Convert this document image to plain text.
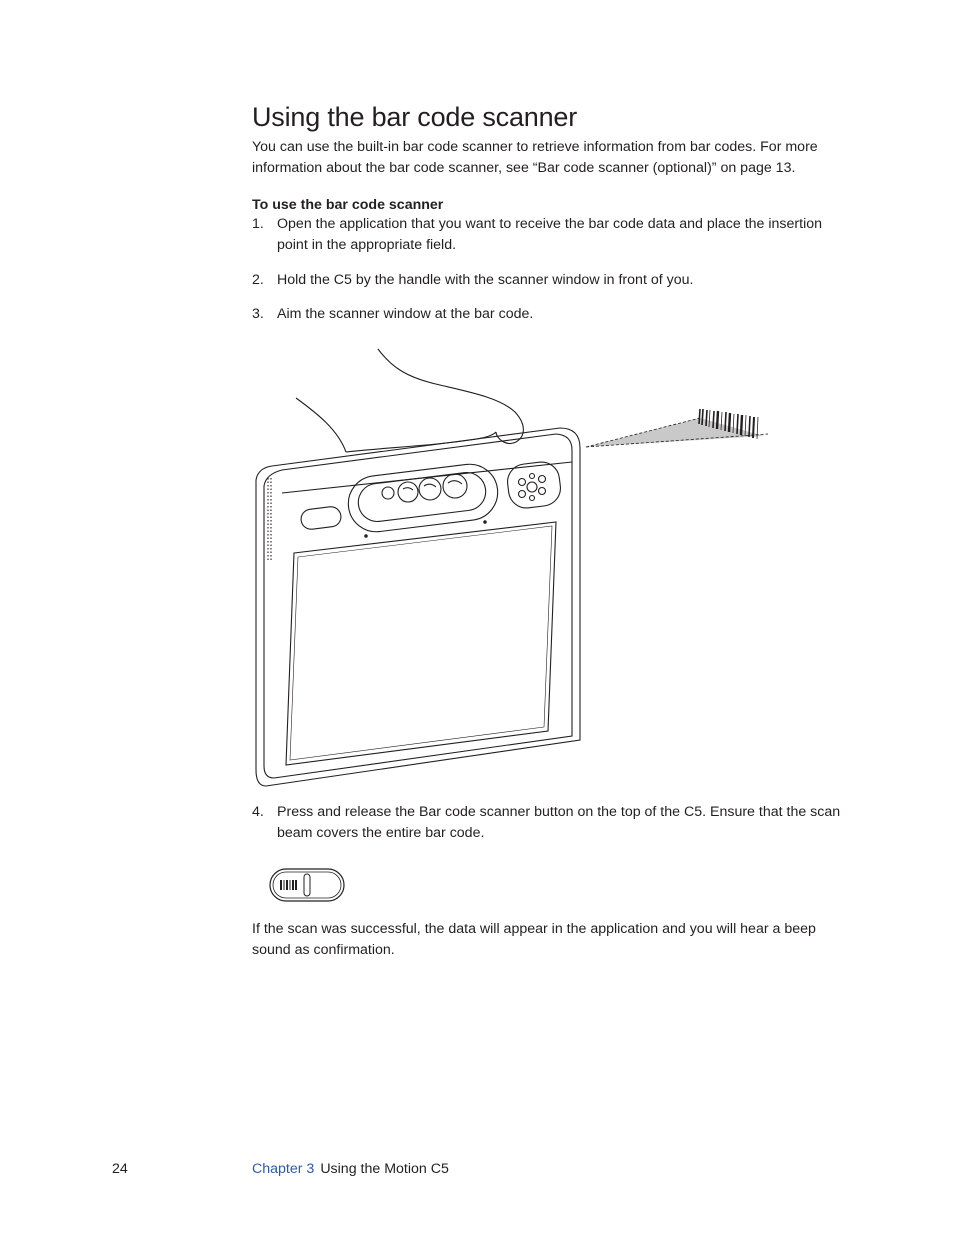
Using the bar code scanner

You can use the built-in bar code scanner to retrieve information from bar codes. For more information about the bar code scanner, see “Bar code scanner (optional)” on page 13.

To use the bar code scanner

1. Open the application that you want to receive the bar code data and place the insertion point in the appropriate field.
2. Hold the C5 by the handle with the scanner window in front of you.
3. Aim the scanner window at the bar code.
4. Press and release the Bar code scanner button on the top of the C5. Ensure that the scan beam covers the entire bar code.

If the scan was successful, the data will appear in the application and you will hear a beep sound as confirmation.

24	Chapter 3 Using the Motion C5
